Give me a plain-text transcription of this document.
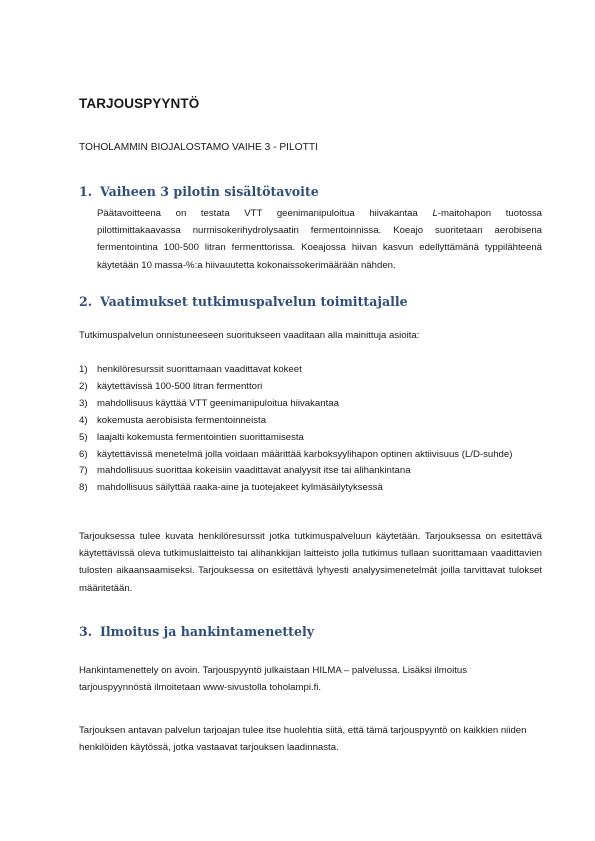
TARJOUSPYYNTÖ
TOHOLAMMIN BIOJALOSTAMO VAIHE 3 - PILOTTI
1. Vaiheen 3 pilotin sisältötavoite
Päätavoitteena on testata VTT geenimanipuloitua hiivakantaa L-maitohapon tuotossa pilottimittakaavassa nurmisokerihydrolysaatin fermentoinnissa. Koeajo suoritetaan aerobisena fermentointina 100-500 litran fermenttorissa. Koeajossa hiivan kasvun edellyttämänä typpilähteenä käytetään 10 massa-%:a hiivauutetta kokonaissokerimäärään nähden.
2. Vaatimukset tutkimuspalvelun toimittajalle
Tutkimuspalvelun onnistuneeseen suoritukseen vaaditaan alla mainittuja asioita:
1) henkilöresurssit suorittamaan vaadittavat kokeet
2) käytettävissä 100-500 litran fermenttori
3) mahdollisuus käyttää VTT geenimanipuloitua hiivakantaa
4) kokemusta aerobisista fermentoinneista
5) laajalti kokemusta fermentointien suorittamisesta
6) käytettävissä menetelmä jolla voidaan määrittää karboksyylihapon optinen aktiivisuus (L/D-suhde)
7) mahdollisuus suorittaa kokeisiin vaadittavat analyysit itse tai alihankintana
8) mahdollisuus säilyttää raaka-aine ja tuotejakeet kylmäsäilytyksessä
Tarjouksessa tulee kuvata henkilöresurssit jotka tutkimuspalveluun käytetään. Tarjouksessa on esitettävä käytettävissä oleva tutkimuslaitteisto tai alihankkijan laitteisto jolla tutkimus tullaan suorittamaan vaadittavien tulosten aikaansaamiseksi. Tarjouksessa on esitettävä lyhyesti analyysimenetelmät joilla tarvittavat tulokset määritetään.
3. Ilmoitus ja hankintamenettely
Hankintamenettely on avoin. Tarjouspyyntö julkaistaan HILMA – palvelussa. Lisäksi ilmoitus tarjouspyynnöstä ilmoitetaan www-sivustolla toholampi.fi.
Tarjouksen antavan palvelun tarjoajan tulee itse huolehtia siitä, että tämä tarjouspyyntö on kaikkien niiden henkilöiden käytössä, jotka vastaavat tarjouksen laadinnasta.
